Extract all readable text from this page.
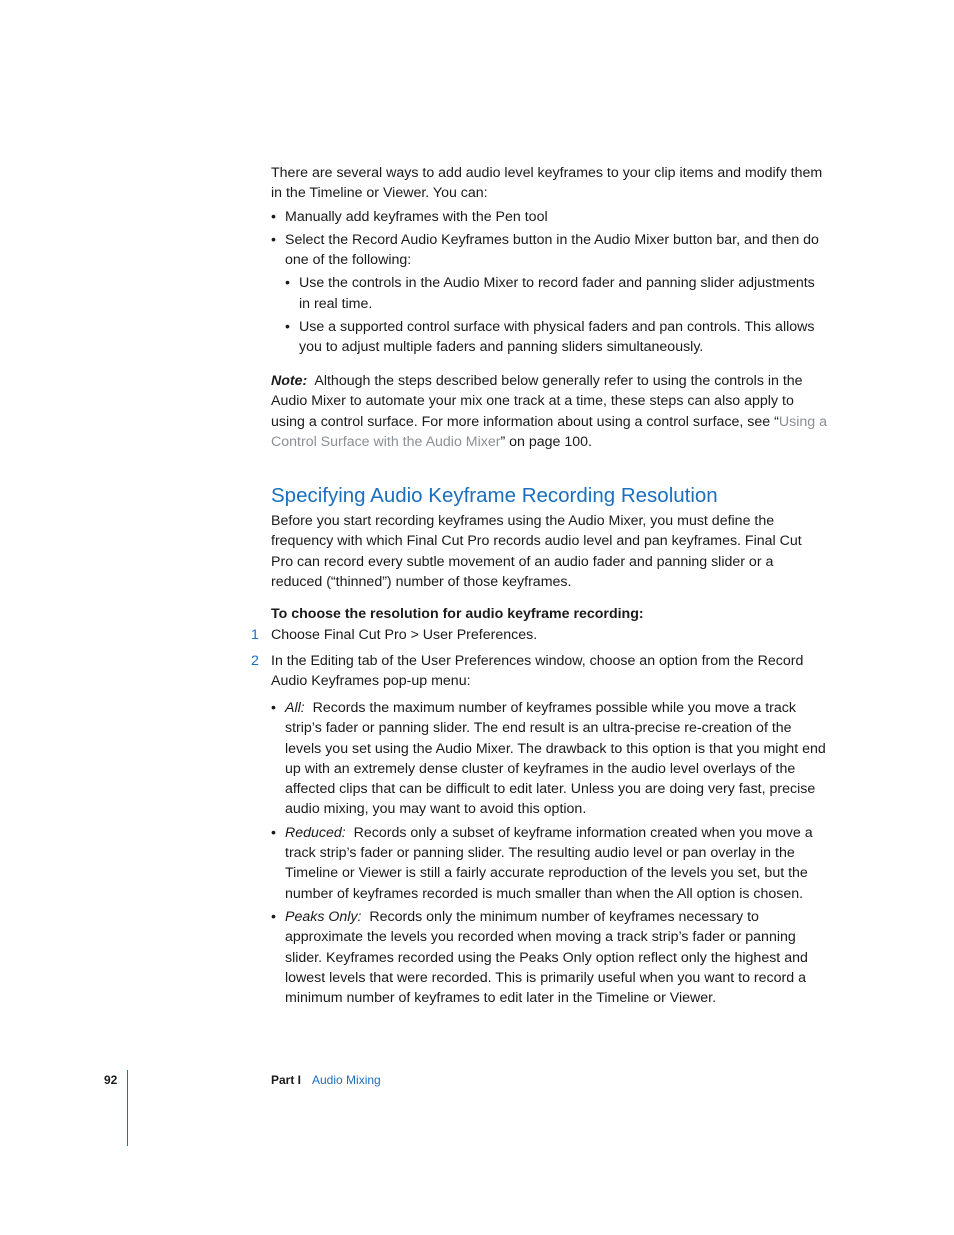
There are several ways to add audio level keyframes to your clip items and modify them in the Timeline or Viewer. You can:

• Manually add keyframes with the Pen tool

• Select the Record Audio Keyframes button in the Audio Mixer button bar, and then do one of the following:

• Use the controls in the Audio Mixer to record fader and panning slider adjustments in real time.

• Use a supported control surface with physical faders and pan controls. This allows you to adjust multiple faders and panning sliders simultaneously.

Note: Although the steps described below generally refer to using the controls in the Audio Mixer to automate your mix one track at a time, these steps can also apply to using a control surface. For more information about using a control surface, see “Using a Control Surface with the Audio Mixer” on page 100.

Specifying Audio Keyframe Recording Resolution

Before you start recording keyframes using the Audio Mixer, you must define the frequency with which Final Cut Pro records audio level and pan keyframes. Final Cut Pro can record every subtle movement of an audio fader and panning slider or a reduced (“thinned”) number of those keyframes.

To choose the resolution for audio keyframe recording:

1 Choose Final Cut Pro > User Preferences.
2 In the Editing tab of the User Preferences window, choose an option from the Record Audio Keyframes pop-up menu:

• All: Records the maximum number of keyframes possible while you move a track strip’s fader or panning slider. The end result is an ultra-precise re-creation of the levels you set using the Audio Mixer. The drawback to this option is that you might end up with an extremely dense cluster of keyframes in the audio level overlays of the affected clips that can be difficult to edit later. Unless you are doing very fast, precise audio mixing, you may want to avoid this option.

• Reduced: Records only a subset of keyframe information created when you move a track strip’s fader or panning slider. The resulting audio level or pan overlay in the Timeline or Viewer is still a fairly accurate reproduction of the levels you set, but the number of keyframes recorded is much smaller than when the All option is chosen.

• Peaks Only: Records only the minimum number of keyframes necessary to approximate the levels you recorded when moving a track strip’s fader or panning slider. Keyframes recorded using the Peaks Only option reflect only the highest and lowest levels that were recorded. This is primarily useful when you want to record a minimum number of keyframes to edit later in the Timeline or Viewer.

92	Part I Audio Mixing
